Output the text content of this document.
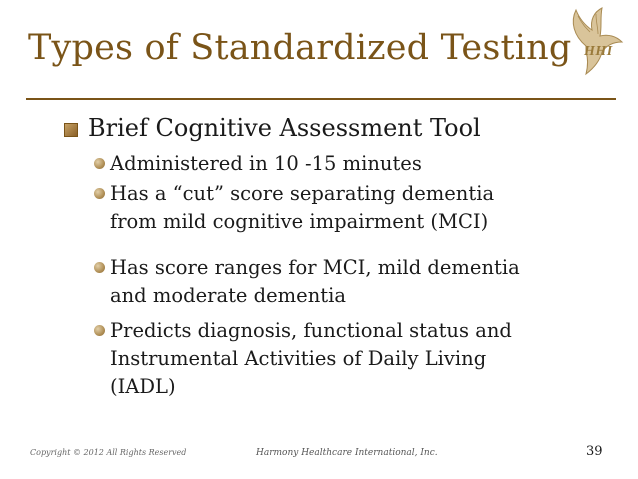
Types of Standardized Testing HHI
Brief Cognitive Assessment Tool
Administered in 10 -15 minutes
Has a “cut” score separating dementia
from mild cognitive impairment (MCI)
Has score ranges for MCI, mild dementia
and moderate dementia
Predicts diagnosis, functional status and
Instrumental Activities of Daily Living
(IADL)
Copyright © 2012 All Rights Reserved	Harmony Healthcare International, Inc.	39
